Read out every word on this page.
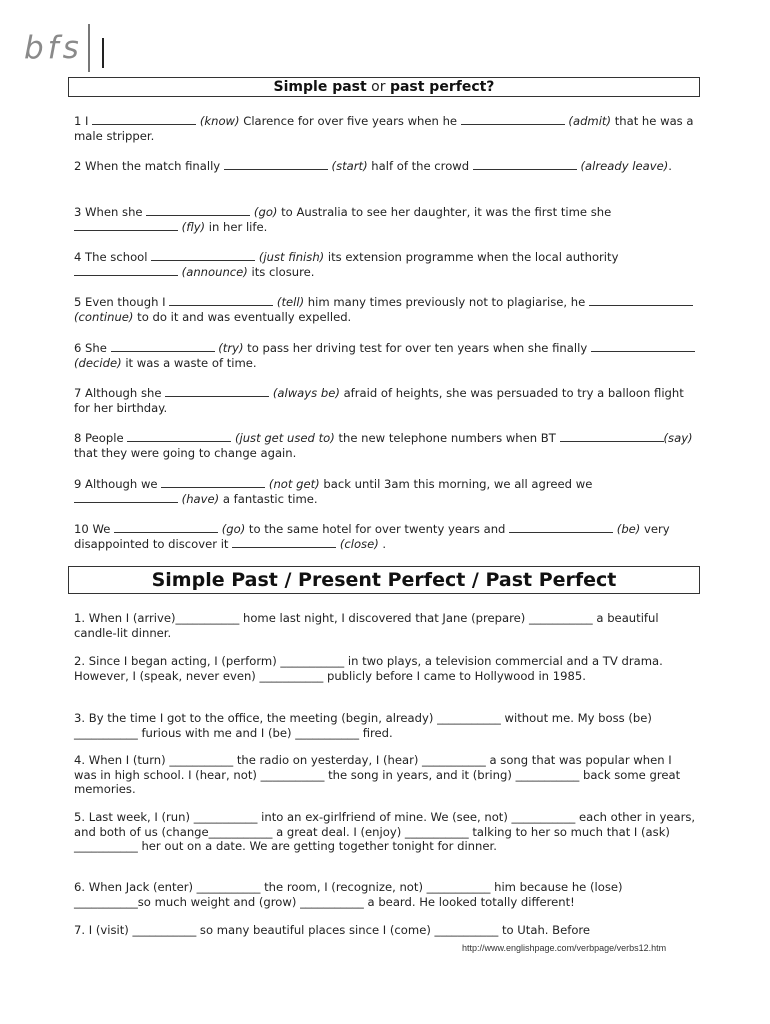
bfs
Simple past or past perfect?
1 I	(know) Clarence for over five years when he	(admit) that he was a male stripper.
2 When the match finally	(start) half of the crowd	(already leave).
3 When she	(go) to Australia to see her daughter, it was the first time she  (fly) in her life.
4 The school	(just finish) its extension programme when the local authority  (announce) its closure.
5 Even though I	(tell) him many times previously not to plagiarise, he  (continue) to do it and was eventually expelled.
6 She	(try) to pass her driving test for over ten years when she finally  (decide) it was a waste of time.
7 Although she	(always be) afraid of heights, she was persuaded to try a balloon flight for her birthday.
8 People	(just get used to) the new telephone numbers when BT	(say) that they were going to change again.
9 Although we	(not get) back until 3am this morning, we all agreed we  (have) a fantastic time.
10 We	(go) to the same hotel for over twenty years and	(be) very disappointed to discover it	(close) .
Simple Past / Present Perfect / Past Perfect
1. When I (arrive)___________ home last night, I discovered that Jane (prepare) ___________ a beautiful candle-lit dinner.
2. Since I began acting, I (perform) ___________ in two plays, a television commercial and a TV drama. However, I (speak, never even) ___________ publicly before I came to Hollywood in 1985.
3. By the time I got to the office, the meeting (begin, already) ___________ without me. My boss (be) ___________ furious with me and I (be) ___________ fired.
4. When I (turn) ___________ the radio on yesterday, I (hear) ___________ a song that was popular when I was in high school. I (hear, not) ___________ the song in years, and it (bring) ___________ back some great memories.
5. Last week, I (run) ___________ into an ex-girlfriend of mine. We (see, not) ___________ each other in years, and both of us (change___________ a great deal. I (enjoy) ___________ talking to her so much that I (ask) ___________ her out on a date. We are getting together tonight for dinner.
6. When Jack (enter) ___________ the room, I (recognize, not) ___________ him because he (lose) ___________so much weight and (grow) ___________ a beard. He looked totally different!
7. I (visit) ___________ so many beautiful places since I (come) ___________ to Utah. Before
http://www.englishpage.com/verbpage/verbs12.htm
